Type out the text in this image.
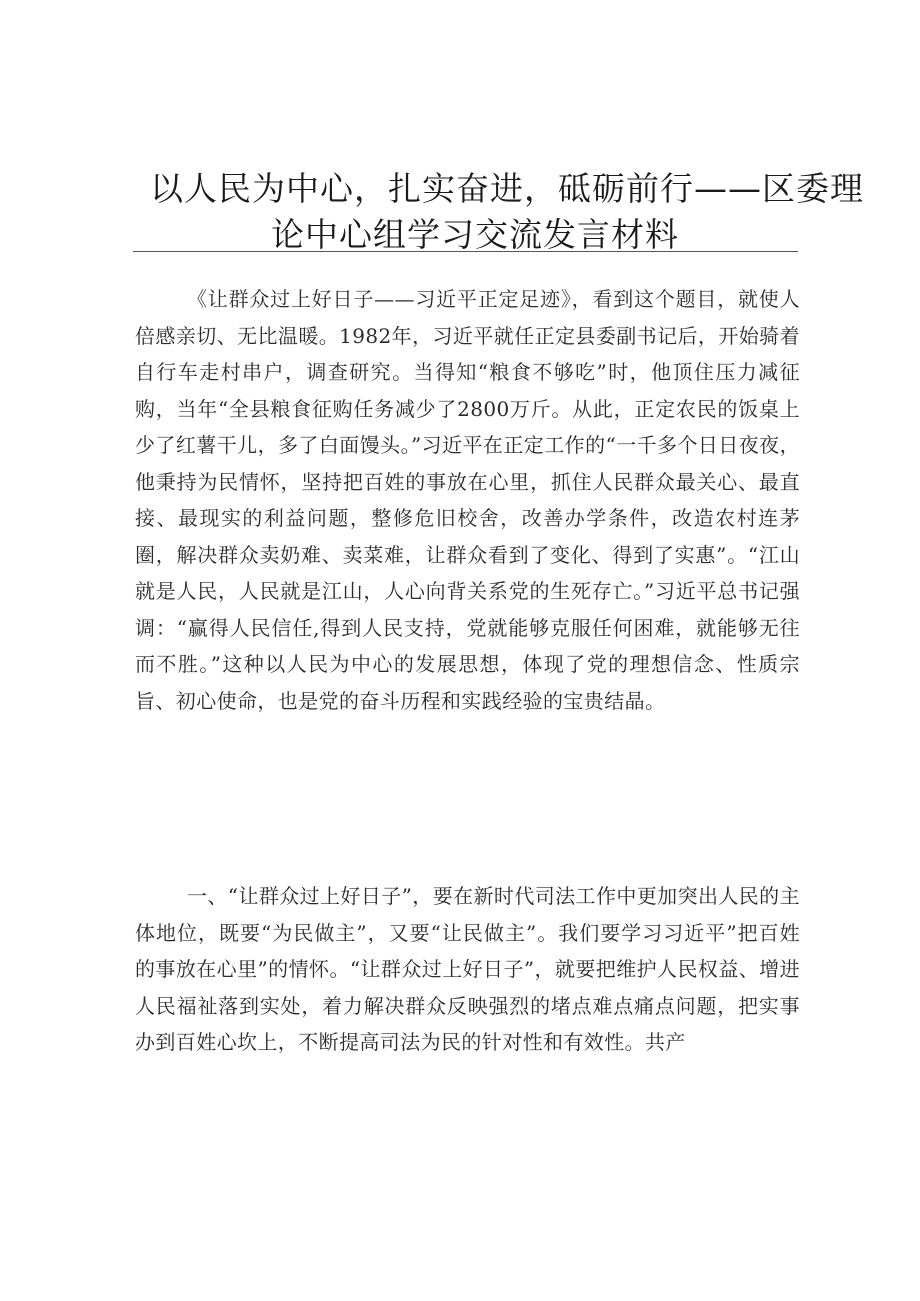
以人民为中心，扎实奋进，砥砺前行——区委理
论中心组学习交流发言材料

《让群众过上好日子——习近平正定足迹》，看到这个题目，就使人倍感亲切、无比温暖。1982年，习近平就任正定县委副书记后，开始骑着自行车走村串户，调查研究。当得知“粮食不够吃”时，他顶住压力减征购，当年“全县粮食征购任务减少了2800万斤。从此，正定农民的饭桌上少了红薯干儿，多了白面馒头。”习近平在正定工作的“一千多个日日夜夜，他秉持为民情怀，坚持把百姓的事放在心里，抓住人民群众最关心、最直接、最现实的利益问题，整修危旧校舍，改善办学条件，改造农村连茅圈，解决群众卖奶难、卖菜难，让群众看到了变化、得到了实惠”。“江山就是人民，人民就是江山，人心向背关系党的生死存亡。”习近平总书记强调：“赢得人民信任,得到人民支持，党就能够克服任何困难，就能够无往而不胜。”这种以人民为中心的发展思想，体现了党的理想信念、性质宗旨、初心使命，也是党的奋斗历程和实践经验的宝贵结晶。

一、“让群众过上好日子”，要在新时代司法工作中更加突出人民的主体地位，既要“为民做主”，又要“让民做主”。我们要学习习近平”把百姓的事放在心里”的情怀。“让群众过上好日子”，就要把维护人民权益、增进人民福祉落到实处，着力解决群众反映强烈的堵点难点痛点问题，把实事办到百姓心坎上，不断提高司法为民的针对性和有效性。共产
